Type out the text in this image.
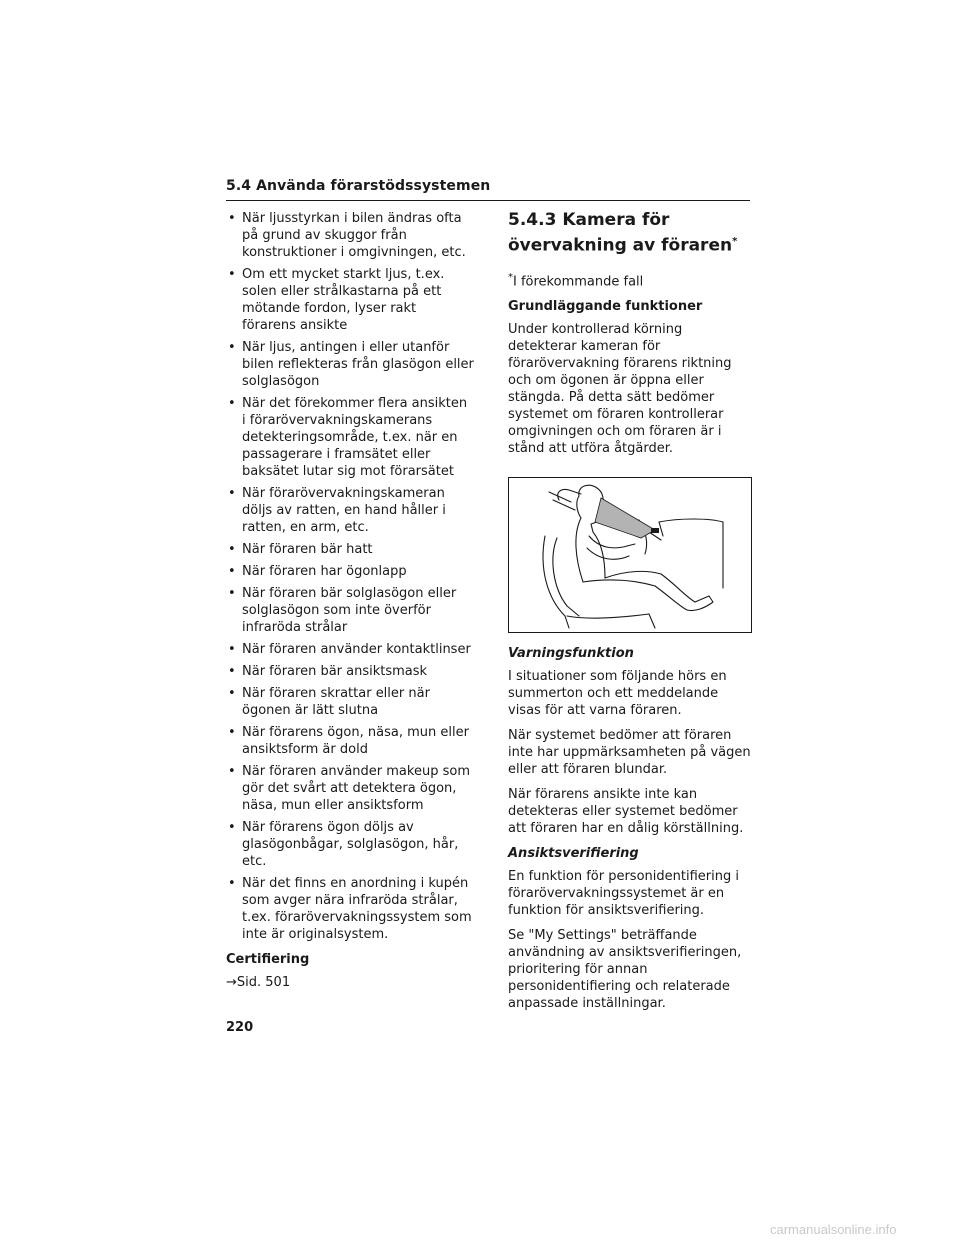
5.4 Använda förarstödssystemen
• När ljusstyrkan i bilen ändras ofta på grund av skuggor från konstruktioner i omgivningen, etc.
• Om ett mycket starkt ljus, t.ex. solen eller strålkastarna på ett mötande fordon, lyser rakt förarens ansikte
• När ljus, antingen i eller utanför bilen reflekteras från glasögon eller solglasögon
• När det förekommer flera ansikten i förarövervakningskamerans detekteringsområde, t.ex. när en passagerare i framsätet eller baksätet lutar sig mot förarsätet
• När förarövervakningskameran döljs av ratten, en hand håller i ratten, en arm, etc.
• När föraren bär hatt
• När föraren har ögonlapp
• När föraren bär solglasögon eller solglasögon som inte överför infraröda strålar
• När föraren använder kontaktlinser
• När föraren bär ansiktsmask
• När föraren skrattar eller när ögonen är lätt slutna
• När förarens ögon, näsa, mun eller ansiktsform är dold
• När föraren använder makeup som gör det svårt att detektera ögon, näsa, mun eller ansiktsform
• När förarens ögon döljs av glasögonbågar, solglasögon, hår, etc.
• När det finns en anordning i kupén som avger nära infraröda strålar, t.ex. förarövervakningssystem som inte är originalsystem.
Certifiering
→Sid. 501
5.4.3 Kamera för övervakning av föraren*
*I förekommande fall
Grundläggande funktioner

Under kontrollerad körning detekterar kameran för förarövervakning förarens riktning och om ögonen är öppna eller stängda. På detta sätt bedömer systemet om föraren kontrollerar omgivningen och om föraren är i stånd att utföra åtgärder.

Varningsfunktion

I situationer som följande hörs en summerton och ett meddelande visas för att varna föraren.

När systemet bedömer att föraren inte har uppmärksamheten på vägen eller att föraren blundar.

När förarens ansikte inte kan detekteras eller systemet bedömer att föraren har en dålig körställning.

Ansiktsverifiering

En funktion för personidentifiering i förarövervakningssystemet är en funktion för ansiktsverifiering.

Se "My Settings" beträffande användning av ansiktsverifieringen, prioritering för annan personidentifiering och relaterade anpassade inställningar.

220
carmanualsonline.info
